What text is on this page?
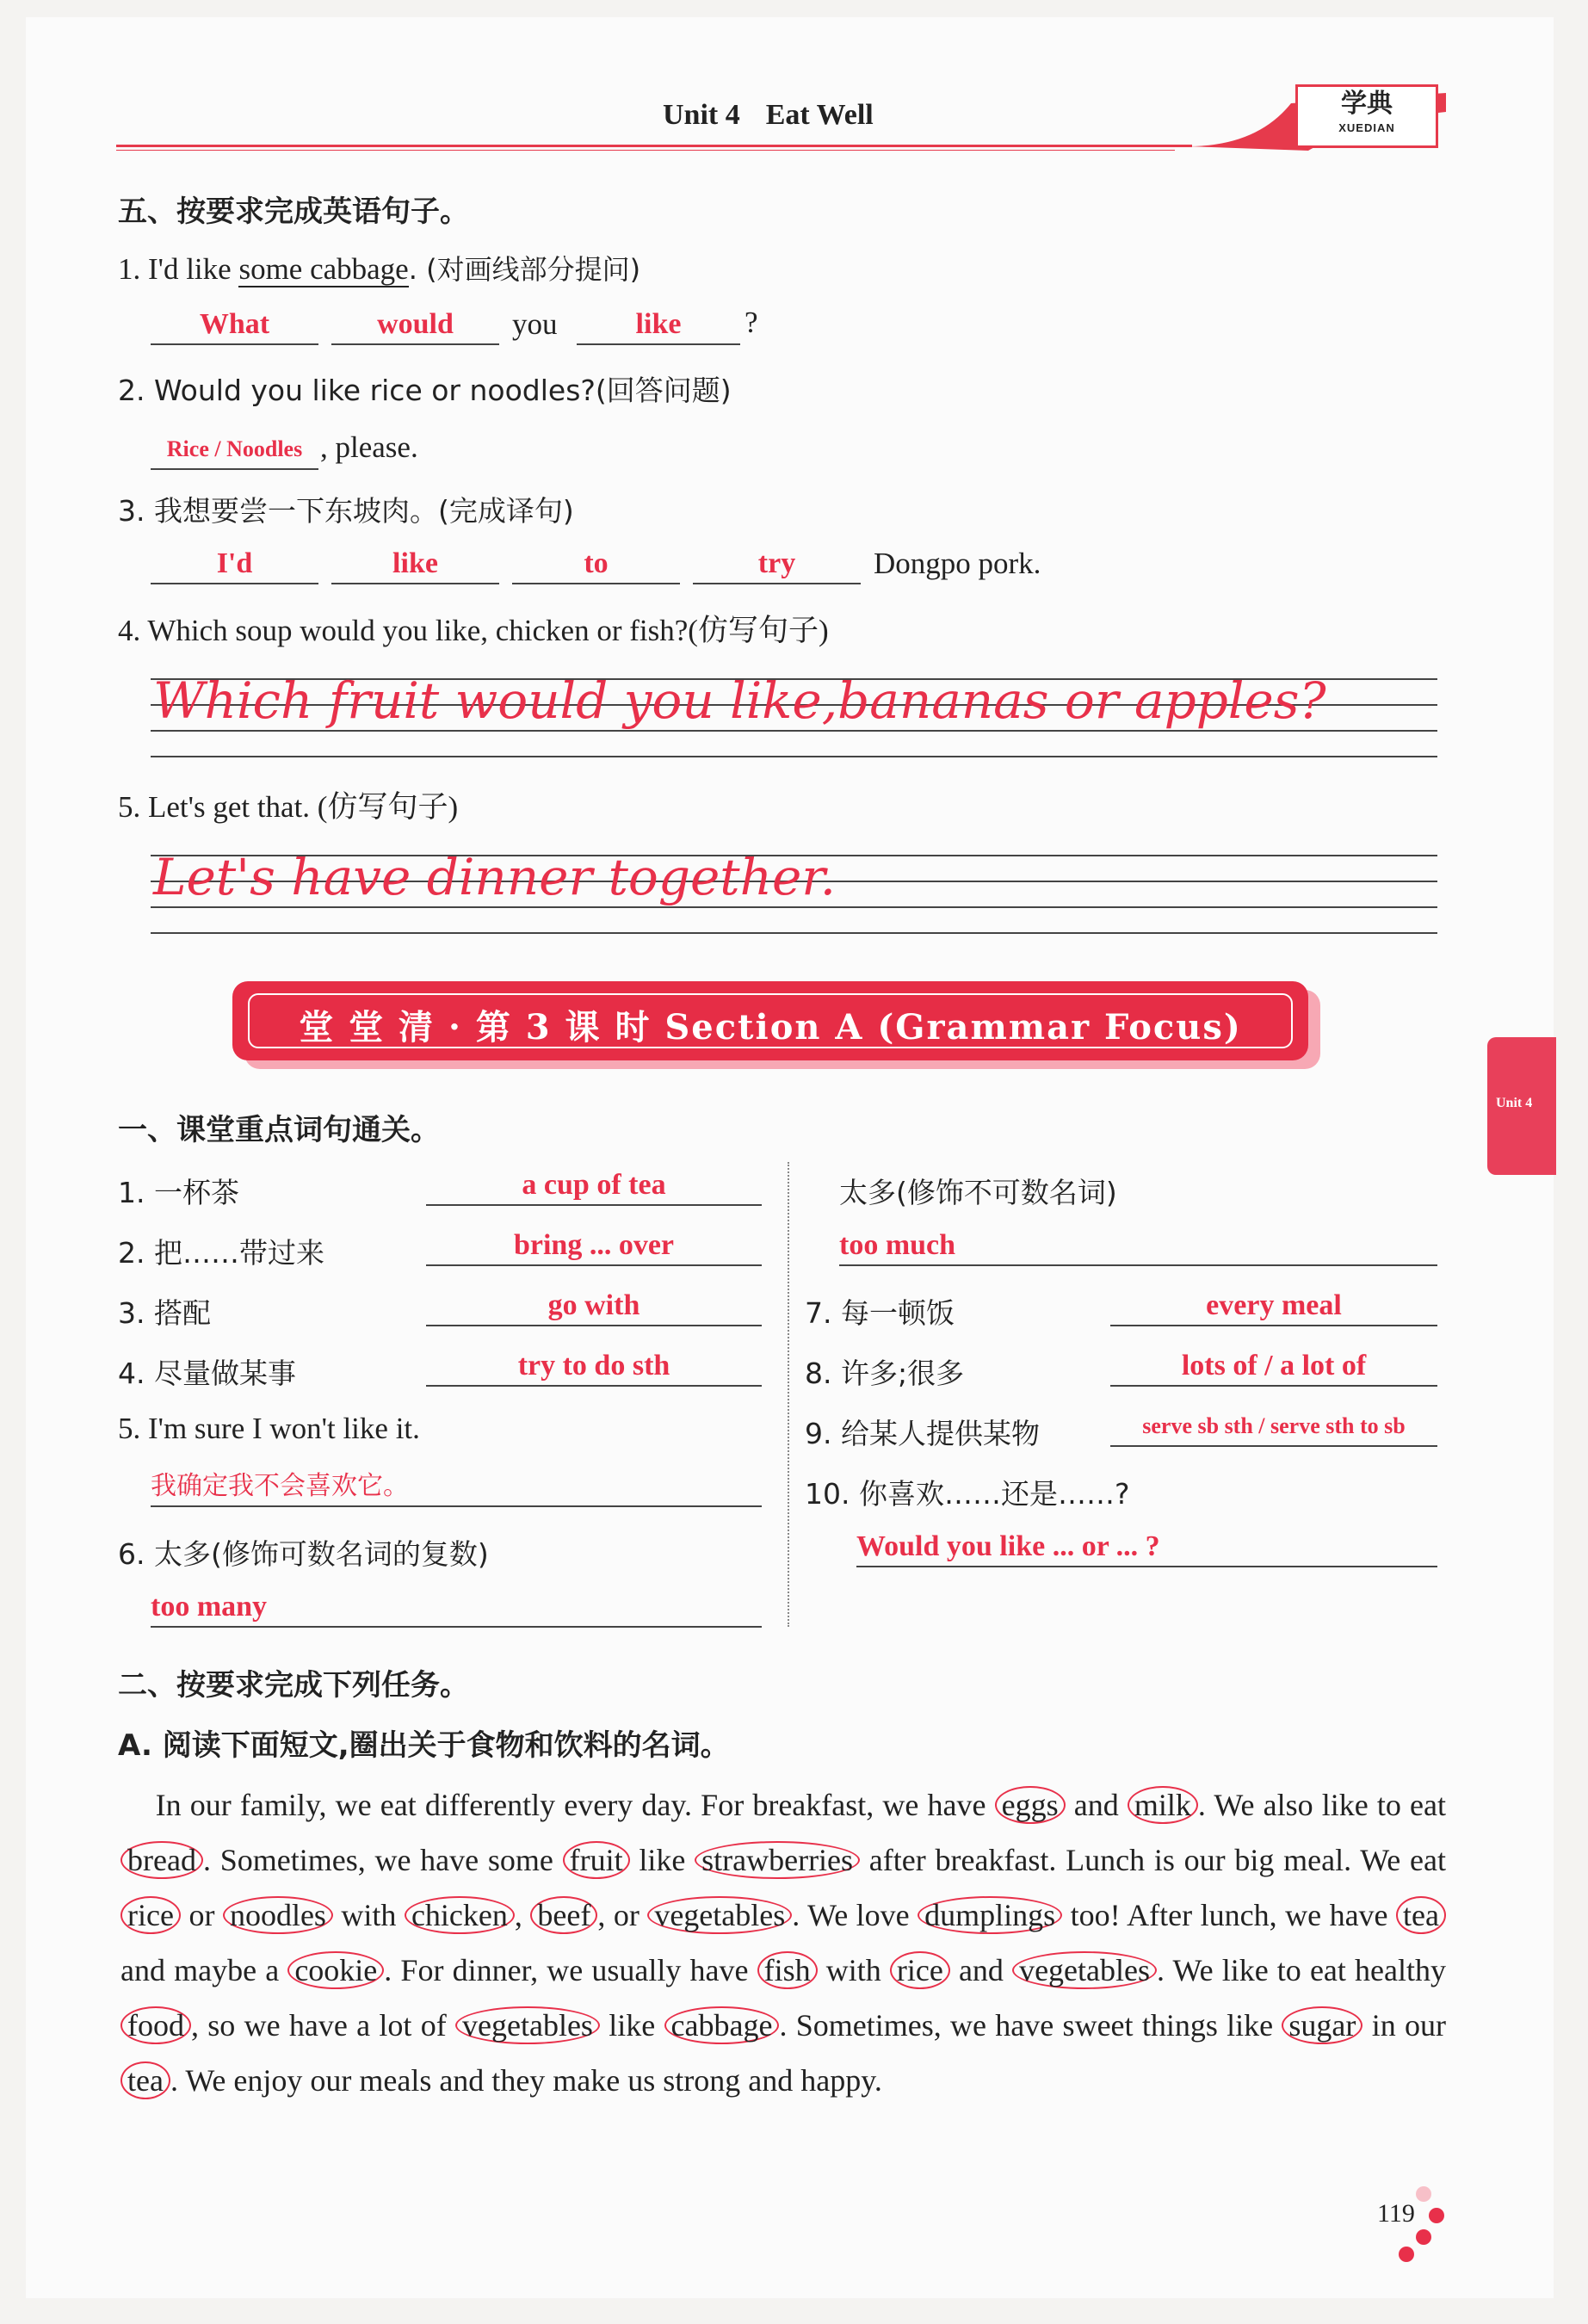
Unit 4 Eat Well	学典
XUEDIAN
五、按要求完成英语句子。
1. I'd like some cabbage. (对画线部分提问)
What	would	you	like	?
2. Would you like rice or noodles?(回答问题)
Rice / Noodles , please.
3. 我想要尝一下东坡肉。(完成译句)
I'd	like	to	try	Dongpo pork.
4. Which soup would you like, chicken or fish?(仿写句子)
Which fruit would you like,bananas or apples?
5. Let's get that. (仿写句子)
Let's have dinner together.
堂 堂 清 · 第 3 课 时 Section A (Grammar Focus)
Unit 4
一、课堂重点词句通关。
1. 一杯茶	a cup of tea
2. 把……带过来	bring ... over
3. 搭配	go with
4. 尽量做某事	try to do sth
5. I'm sure I won't like it.
我确定我不会喜欢它。
6. 太多(修饰可数名词的复数)
too many
太多(修饰不可数名词)
too much
7. 每一顿饭	every meal
8. 许多;很多	lots of / a lot of
9. 给某人提供某物	serve sb sth / serve sth to sb
10. 你喜欢……还是……?
Would you like ... or ... ?
二、按要求完成下列任务。
A. 阅读下面短文,圈出关于食物和饮料的名词。
In our family, we eat differently every day. For breakfast, we have eggs and milk . We also like to eat bread . Sometimes, we have some fruit like strawberries after breakfast. Lunch is our big meal. We eat rice or noodles with chicken , beef , or vegetables . We love dumplings too! After lunch, we have tea and maybe a cookie . For dinner, we usually have fish with rice and vegetables . We like to eat healthy food , so we have a lot of vegetables like cabbage . Sometimes, we have sweet things like sugar in our tea . We enjoy our meals and they make us strong and happy.
119
